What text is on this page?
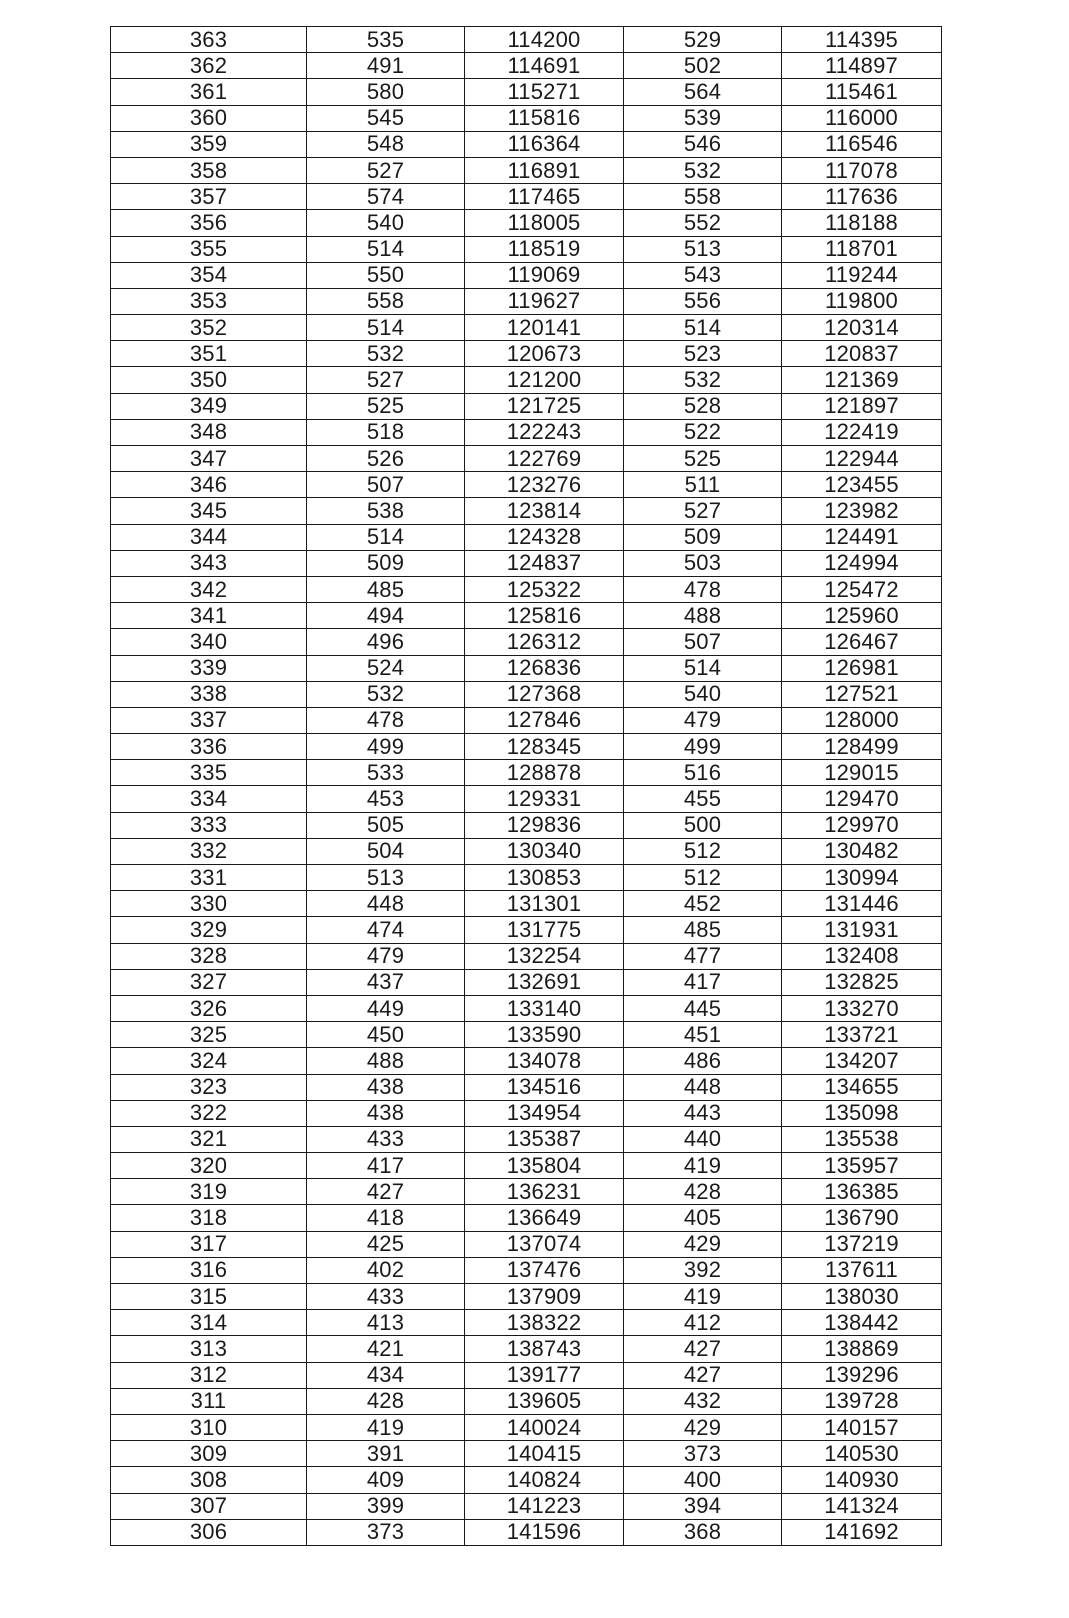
363	535	114200	529	114395
362	491	114691	502	114897
361	580	115271	564	115461
360	545	115816	539	116000
359	548	116364	546	116546
358	527	116891	532	117078
357	574	117465	558	117636
356	540	118005	552	118188
355	514	118519	513	118701
354	550	119069	543	119244
353	558	119627	556	119800
352	514	120141	514	120314
351	532	120673	523	120837
350	527	121200	532	121369
349	525	121725	528	121897
348	518	122243	522	122419
347	526	122769	525	122944
346	507	123276	511	123455
345	538	123814	527	123982
344	514	124328	509	124491
343	509	124837	503	124994
342	485	125322	478	125472
341	494	125816	488	125960
340	496	126312	507	126467
339	524	126836	514	126981
338	532	127368	540	127521
337	478	127846	479	128000
336	499	128345	499	128499
335	533	128878	516	129015
334	453	129331	455	129470
333	505	129836	500	129970
332	504	130340	512	130482
331	513	130853	512	130994
330	448	131301	452	131446
329	474	131775	485	131931
328	479	132254	477	132408
327	437	132691	417	132825
326	449	133140	445	133270
325	450	133590	451	133721
324	488	134078	486	134207
323	438	134516	448	134655
322	438	134954	443	135098
321	433	135387	440	135538
320	417	135804	419	135957
319	427	136231	428	136385
318	418	136649	405	136790
317	425	137074	429	137219
316	402	137476	392	137611
315	433	137909	419	138030
314	413	138322	412	138442
313	421	138743	427	138869
312	434	139177	427	139296
311	428	139605	432	139728
310	419	140024	429	140157
309	391	140415	373	140530
308	409	140824	400	140930
307	399	141223	394	141324
306	373	141596	368	141692
